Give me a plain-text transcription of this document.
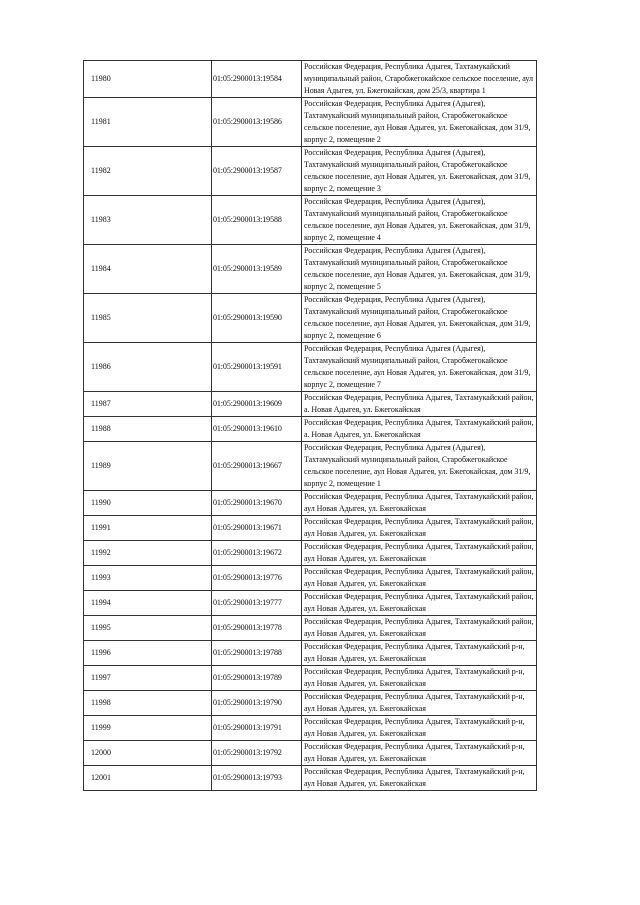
11980	01:05:2900013:19584	Российская Федерация, Республика Адыгея, Тахтамукайский муниципальный район, Старобжегокайское сельское поселение, аул Новая Адыгея, ул. Бжегокайская, дом 25/3, квартира 1
11981	01:05:2900013:19586	Российская Федерация, Республика Адыгея (Адыгея), Тахтамукайский муниципальный район, Старобжегокайское сельское поселение, аул Новая Адыгея, ул. Бжегокайская, дом 31/9, корпус 2, помещение 2
11982	01:05:2900013:19587	Российская Федерация, Республика Адыгея (Адыгея), Тахтамукайский муниципальный район, Старобжегокайское сельское поселение, аул Новая Адыгея, ул. Бжегокайская, дом 31/9, корпус 2, помещение 3
11983	01:05:2900013:19588	Российская Федерация, Республика Адыгея (Адыгея), Тахтамукайский муниципальный район, Старобжегокайское сельское поселение, аул Новая Адыгея, ул. Бжегокайская, дом 31/9, корпус 2, помещение 4
11984	01:05:2900013:19589	Российская Федерация, Республика Адыгея (Адыгея), Тахтамукайский муниципальный район, Старобжегокайское сельское поселение, аул Новая Адыгея, ул. Бжегокайская, дом 31/9, корпус 2, помещение 5
11985	01:05:2900013:19590	Российская Федерация, Республика Адыгея (Адыгея), Тахтамукайский муниципальный район, Старобжегокайское сельское поселение, аул Новая Адыгея, ул. Бжегокайская, дом 31/9, корпус 2, помещение 6
11986	01:05:2900013:19591	Российская Федерация, Республика Адыгея (Адыгея), Тахтамукайский муниципальный район, Старобжегокайское сельское поселение, аул Новая Адыгея, ул. Бжегокайская, дом 31/9, корпус 2, помещение 7
11987	01:05:2900013:19609	Российская Федерация, Республика Адыгея, Тахтамукайский район, а. Новая Адыгея, ул. Бжегокайская
11988	01:05:2900013:19610	Российская Федерация, Республика Адыгея, Тахтамукайский район, а. Новая Адыгея, ул. Бжегокайская
11989	01:05:2900013:19667	Российская Федерация, Республика Адыгея (Адыгея), Тахтамукайский муниципальный район, Старобжегокайское сельское поселение, аул Новая Адыгея, ул. Бжегокайская, дом 31/9, корпус 2, помещение 1
11990	01:05:2900013:19670	Российская Федерация, Республика Адыгея, Тахтамукайский район, аул Новая Адыгея, ул. Бжегокайская
11991	01:05:2900013:19671	Российская Федерация, Республика Адыгея, Тахтамукайский район, аул Новая Адыгея, ул. Бжегокайская
11992	01:05:2900013:19672	Российская Федерация, Республика Адыгея, Тахтамукайский район, аул Новая Адыгея, ул. Бжегокайская
11993	01:05:2900013:19776	Российская Федерация, Республика Адыгея, Тахтамукайский район, аул Новая Адыгея, ул. Бжегокайская
11994	01:05:2900013:19777	Российская Федерация, Республика Адыгея, Тахтамукайский район, аул Новая Адыгея, ул. Бжегокайская
11995	01:05:2900013:19778	Российская Федерация, Республика Адыгея, Тахтамукайский район, аул Новая Адыгея, ул. Бжегокайская
11996	01:05:2900013:19788	Российская Федерация, Республика Адыгея, Тахтамукайский р-н, аул Новая Адыгея, ул. Бжегокайская
11997	01:05:2900013:19789	Российская Федерация, Республика Адыгея, Тахтамукайский р-н, аул Новая Адыгея, ул. Бжегокайская
11998	01:05:2900013:19790	Российская Федерация, Республика Адыгея, Тахтамукайский р-н, аул Новая Адыгея, ул. Бжегокайская
11999	01:05:2900013:19791	Российская Федерация, Республика Адыгея, Тахтамукайский р-н, аул Новая Адыгея, ул. Бжегокайская
12000	01:05:2900013:19792	Российская Федерация, Республика Адыгея, Тахтамукайский р-н, аул Новая Адыгея, ул. Бжегокайская
12001	01:05:2900013:19793	Российская Федерация, Республика Адыгея, Тахтамукайский р-н, аул Новая Адыгея, ул. Бжегокайская
